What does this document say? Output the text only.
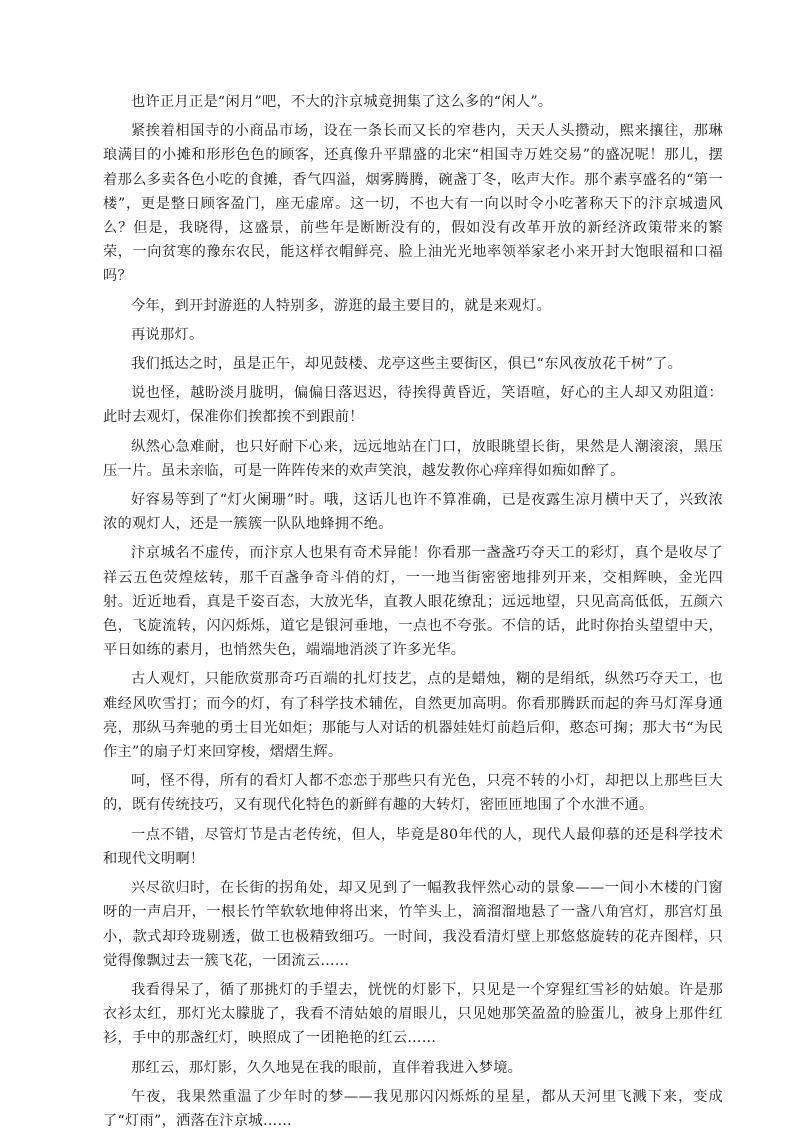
也许正月正是“闲月”吧，不大的汴京城竟拥集了这么多的“闲人”。

紧挨着相国寺的小商品市场，设在一条长而又长的窄巷内，天天人头攒动，熙来攘往，那琳琅满目的小摊和形形色色的顾客，还真像升平鼎盛的北宋“相国寺万姓交易”的盛况呢！那儿，摆着那么多卖各色小吃的食摊，香气四溢，烟雾腾腾，碗盏丁冬，吆声大作。那个素享盛名的“第一楼”，更是整日顾客盈门，座无虚席。这一切，不也大有一向以时令小吃著称天下的汴京城遗风么？但是，我晓得，这盛景，前些年是断断没有的，假如没有改革开放的新经济政策带来的繁荣，一向贫寒的豫东农民，能这样衣帽鲜亮、脸上油光光地率领举家老小来开封大饱眼福和口福吗？

今年，到开封游逛的人特别多，游逛的最主要目的，就是来观灯。

再说那灯。

我们抵达之时，虽是正午，却见鼓楼、龙亭这些主要街区，俱已“东风夜放花千树”了。

说也怪，越盼淡月胧明，偏偏日落迟迟，待挨得黄昏近，笑语喧，好心的主人却又劝阻道：此时去观灯，保准你们挨都挨不到跟前！

纵然心急难耐，也只好耐下心来，远远地站在门口，放眼眺望长街，果然是人潮滚滚，黑压压一片。虽未亲临，可是一阵阵传来的欢声笑浪，越发教你心痒痒得如痴如醉了。

好容易等到了“灯火阑珊”时。哦，这话儿也许不算准确，已是夜露生凉月横中天了，兴致浓浓的观灯人，还是一簇簇一队队地蜂拥不绝。

汴京城名不虚传，而汴京人也果有奇术异能！你看那一盏盏巧夺天工的彩灯，真个是收尽了祥云五色荧煌炫转，那千百盏争奇斗俏的灯，一一地当街密密地排列开来，交相辉映，金光四射。近近地看，真是千姿百态，大放光华，直教人眼花缭乱；远远地望，只见高高低低，五颜六色，飞旋流转，闪闪烁烁，道它是银河垂地，一点也不夸张。不信的话，此时你抬头望望中天，平日如练的素月，也悄然失色，端端地消淡了许多光华。

古人观灯，只能欣赏那奇巧百端的扎灯技艺，点的是蜡烛，糊的是绢纸，纵然巧夺天工，也难经风吹雪打；而今的灯，有了科学技术辅佐，自然更加高明。你看那腾跃而起的奔马灯浑身通亮，那纵马奔驰的勇士目光如炬；那能与人对话的机器娃娃灯前趋后仰，憨态可掬；那大书“为民作主”的扇子灯来回穿梭，熠熠生辉。

呵，怪不得，所有的看灯人都不恋恋于那些只有光色，只亮不转的小灯，却把以上那些巨大的，既有传统技巧，又有现代化特色的新鲜有趣的大转灯，密匝匝地围了个水泄不通。

一点不错，尽管灯节是古老传统，但人，毕竟是80年代的人，现代人最仰慕的还是科学技术和现代文明啊！

兴尽欲归时，在长街的拐角处，却又见到了一幅教我怦然心动的景象——一间小木楼的门窗呀的一声启开，一根长竹竿软软地伸将出来，竹竿头上，滴溜溜地悬了一盏八角宫灯，那宫灯虽小，款式却玲珑剔透，做工也极精致细巧。一时间，我没看清灯壁上那悠悠旋转的花卉图样，只觉得像飘过去一簇飞花，一团流云……

我看得呆了，循了那挑灯的手望去，恍恍的灯影下，只见是一个穿猩红雪衫的姑娘。许是那衣衫太红，那灯光太朦胧了，我看不清姑娘的眉眼儿，只见她那笑盈盈的脸蛋儿，被身上那件红衫，手中的那盏红灯，映照成了一团艳艳的红云……

那红云，那灯影，久久地晃在我的眼前，直伴着我进入梦境。

午夜，我果然重温了少年时的梦——我见那闪闪烁烁的星星，都从天河里飞溅下来，变成了“灯雨”，洒落在汴京城……
